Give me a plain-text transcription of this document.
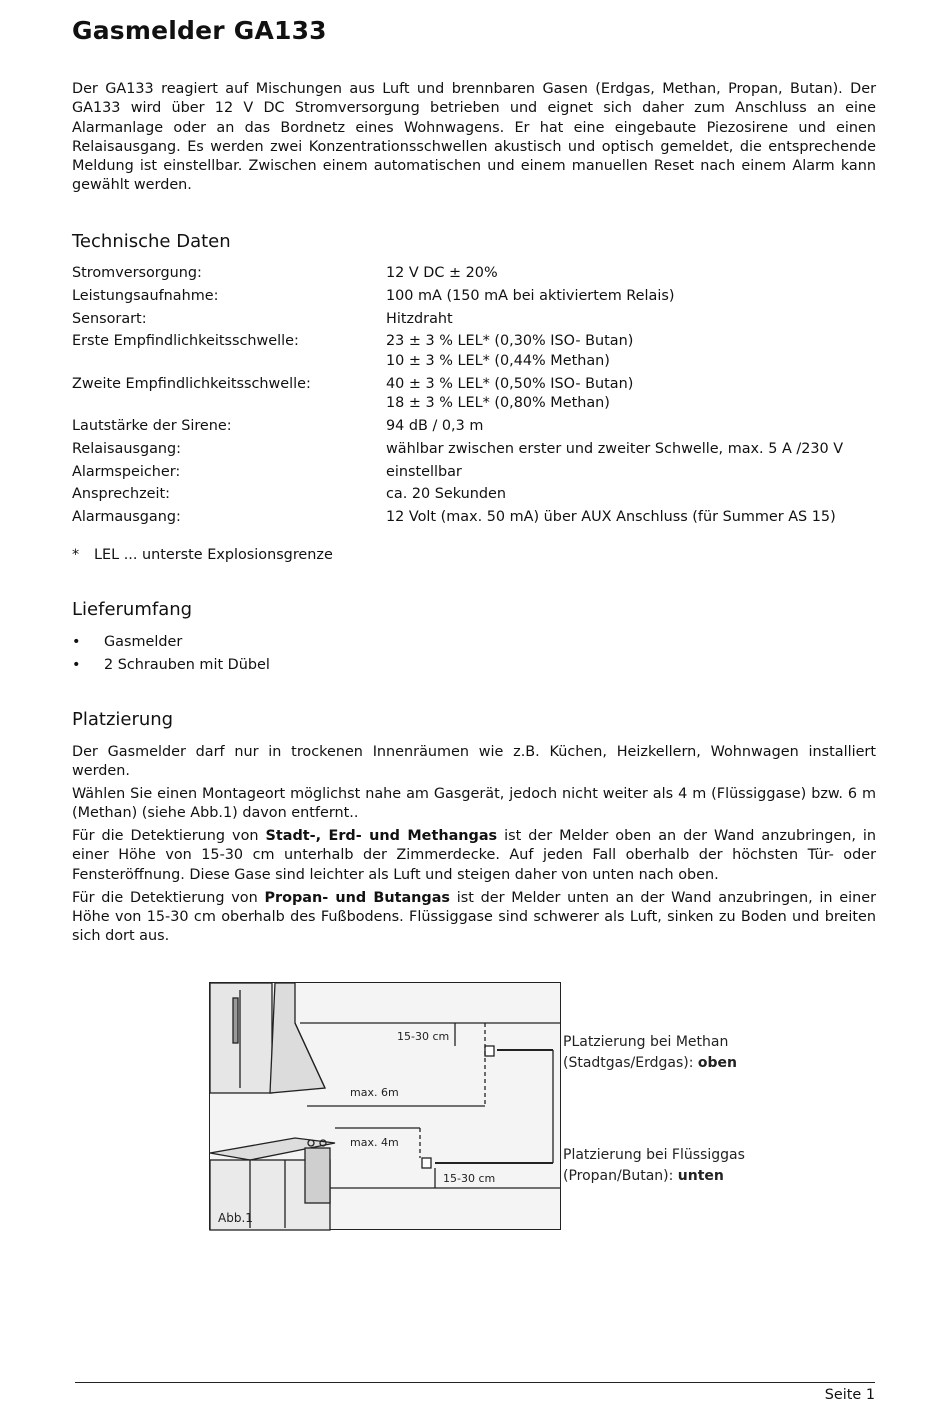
Gasmelder GA133

Der GA133 reagiert auf Mischungen aus Luft und brennbaren Gasen (Erdgas, Methan, Propan, Butan). Der GA133 wird über 12 V DC Stromversorgung betrieben und eignet sich daher zum Anschluss an eine Alarmanlage oder an das Bordnetz eines Wohnwagens. Er hat eine eingebaute Piezosirene und einen Relaisausgang. Es werden zwei Konzentrationsschwellen akustisch und optisch gemeldet, die entsprechende Meldung ist einstellbar. Zwischen einem automatischen und einem manuellen Reset nach einem Alarm kann gewählt werden.

Technische Daten
Stromversorgung:	12 V DC ± 20%
Leistungsaufnahme:	100 mA (150 mA bei aktiviertem Relais)
Sensorart:	Hitzdraht
Erste Empfindlichkeitsschwelle:	23 ± 3 % LEL* (0,30% ISO- Butan)
10 ± 3 % LEL* (0,44% Methan)
Zweite Empfindlichkeitsschwelle:	40 ± 3 % LEL* (0,50% ISO- Butan)
18 ± 3 % LEL* (0,80% Methan)
Lautstärke der Sirene:	94 dB / 0,3 m
Relaisausgang:	wählbar zwischen erster und zweiter Schwelle, max. 5 A /230 V
Alarmspeicher:	einstellbar
Ansprechzeit:	ca. 20 Sekunden
Alarmausgang:	12 Volt (max. 50 mA) über AUX Anschluss (für Summer AS 15)
* LEL ... unterste Explosionsgrenze
Lieferumfang
• Gasmelder
• 2 Schrauben mit Dübel
Platzierung

Der Gasmelder darf nur in trockenen Innenräumen wie z.B. Küchen, Heizkellern, Wohnwagen installiert werden.

Wählen Sie einen Montageort möglichst nahe am Gasgerät, jedoch nicht weiter als 4 m (Flüssiggase) bzw. 6 m (Methan) (siehe Abb.1) davon entfernt..

Für die Detektierung von Stadt-, Erd- und Methangas ist der Melder oben an der Wand anzubringen, in einer Höhe von 15-30 cm unterhalb der Zimmerdecke. Auf jeden Fall oberhalb der höchsten Tür- oder Fensteröffnung. Diese Gase sind leichter als Luft und steigen daher von unten nach oben.

Für die Detektierung von Propan- und Butangas ist der Melder unten an der Wand anzubringen, in einer Höhe von 15-30 cm oberhalb des Fußbodens. Flüssiggase sind schwerer als Luft, sinken zu Boden und breiten sich dort aus.

15-30 cm
max. 6m
max. 4m
15-30 cm
Abb.1
PLatzierung bei Methan
(Stadtgas/Erdgas): oben
Platzierung bei Flüssiggas
(Propan/Butan): unten
Seite 1
